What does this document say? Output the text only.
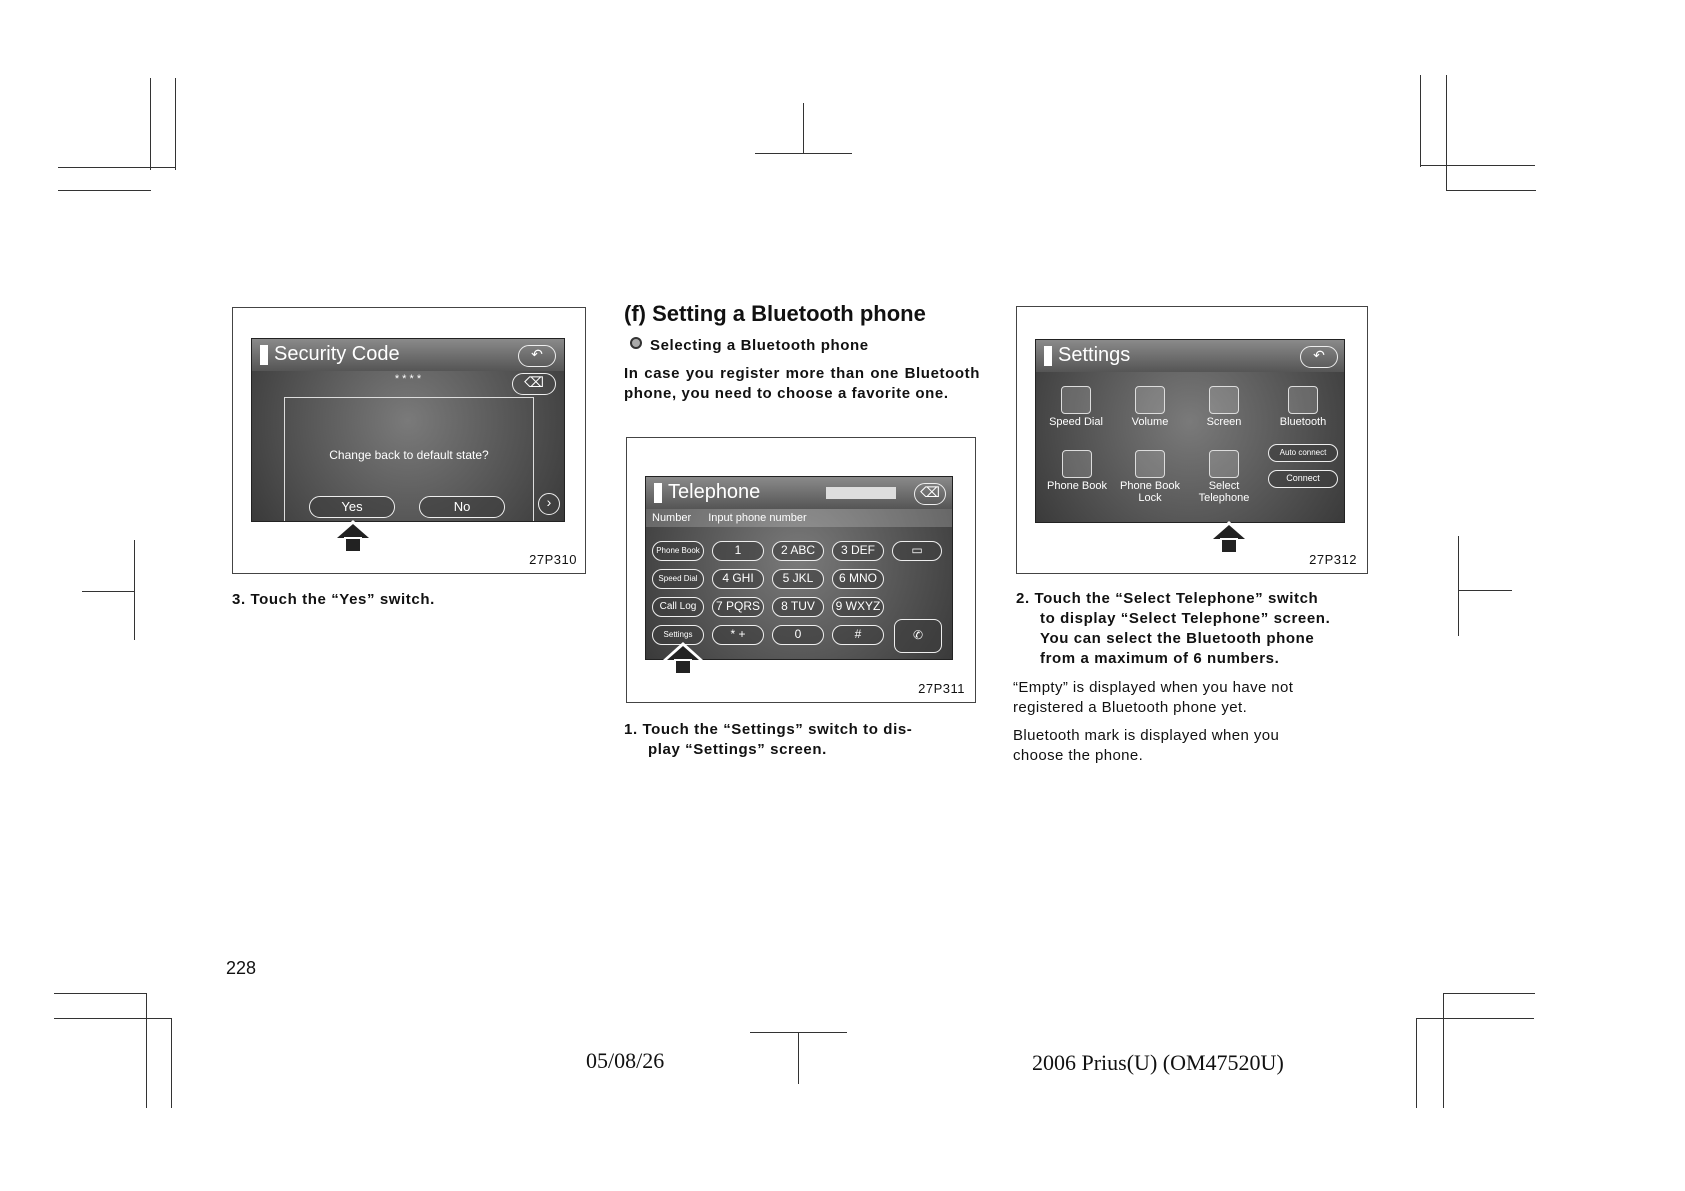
Security Code	↶
* * * *	⌫
Change back to default state?
Yes	No	›
27P310
3. Touch the “Yes” switch.
(f) Setting a Bluetooth phone
Selecting a Bluetooth phone
In case you register more than one Bluetooth phone, you need to choose a favorite one.
Telephone
Number Input phone number
⌫
Phone Book
Speed Dial
Call Log
Settings
1	2 ABC	3 DEF
4 GHI	5 JKL	6 MNO
7 PQRS	8 TUV	9 WXYZ
* +	0	#
▭
✆
27P311
1. Touch the “Settings” switch to dis-
play “Settings” screen.
Settings	↶
Speed Dial	Volume	Screen	Bluetooth
Phone Book	Phone Book Lock
Select Telephone
Auto connect
Connect
27P312
2. Touch the “Select Telephone” switch
to display “Select Telephone” screen.
You can select the Bluetooth phone
from a maximum of 6 numbers.
“Empty” is displayed when you have not
registered a Bluetooth phone yet.
Bluetooth mark is displayed when you
choose the phone.
228
05/08/26	2006 Prius(U) (OM47520U)
